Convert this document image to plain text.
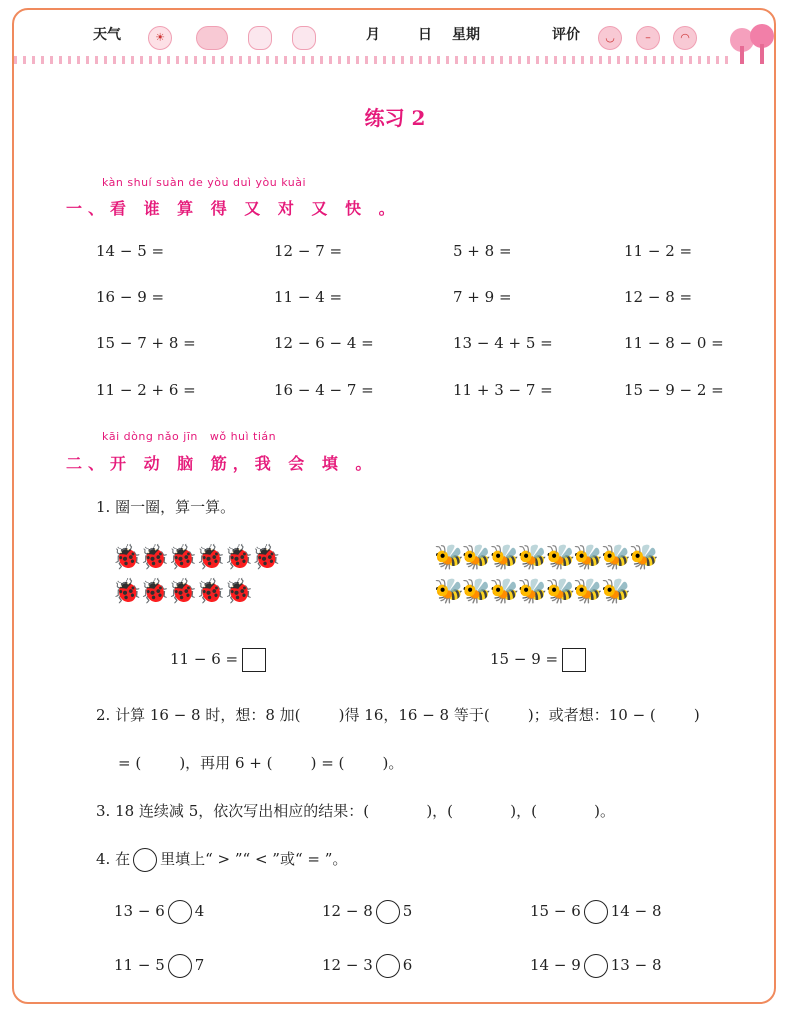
天气	☀	月	日 星期	评价	◡	–	◠
练习 2
kàn shuí suàn de yòu duì yòu kuài
一、看 谁 算 得 又 对 又 快 。
14 − 5 =	12 − 7 =	5 + 8 =	11 − 2 =
16 − 9 =	11 − 4 =	7 + 9 =	12 − 8 =
15 − 7 + 8 =	12 − 6 − 4 =	13 − 4 + 5 =	11 − 8 − 0 =
11 − 2 + 6 =	16 − 4 − 7 =	11 + 3 − 7 =	15 − 9 − 2 =
kāi dòng nǎo jīn   wǒ huì tián
二、开 动 脑 筋，我 会 填 。
1. 圈一圈，算一算。
🐞🐞🐞🐞🐞🐞
🐞🐞🐞🐞🐞
🐝🐝🐝🐝🐝🐝🐝🐝
🐝🐝🐝🐝🐝🐝🐝
11 − 6 =	15 − 9 =
2. 计算 16 − 8 时，想：8 加(        )得 16，16 − 8 等于(        )；或者想：10 − (        )
= (        )，再用 6 + (        ) = (        )。
3. 18 连续减 5，依次写出相应的结果：(            )，(            )，(            )。
4. 在 里填上“ > ”“ < ”或“ = ”。
13 − 6 4	12 − 8 5	15 − 6 14 − 8
11 − 5 7	12 − 3 6	14 − 9 13 − 8
